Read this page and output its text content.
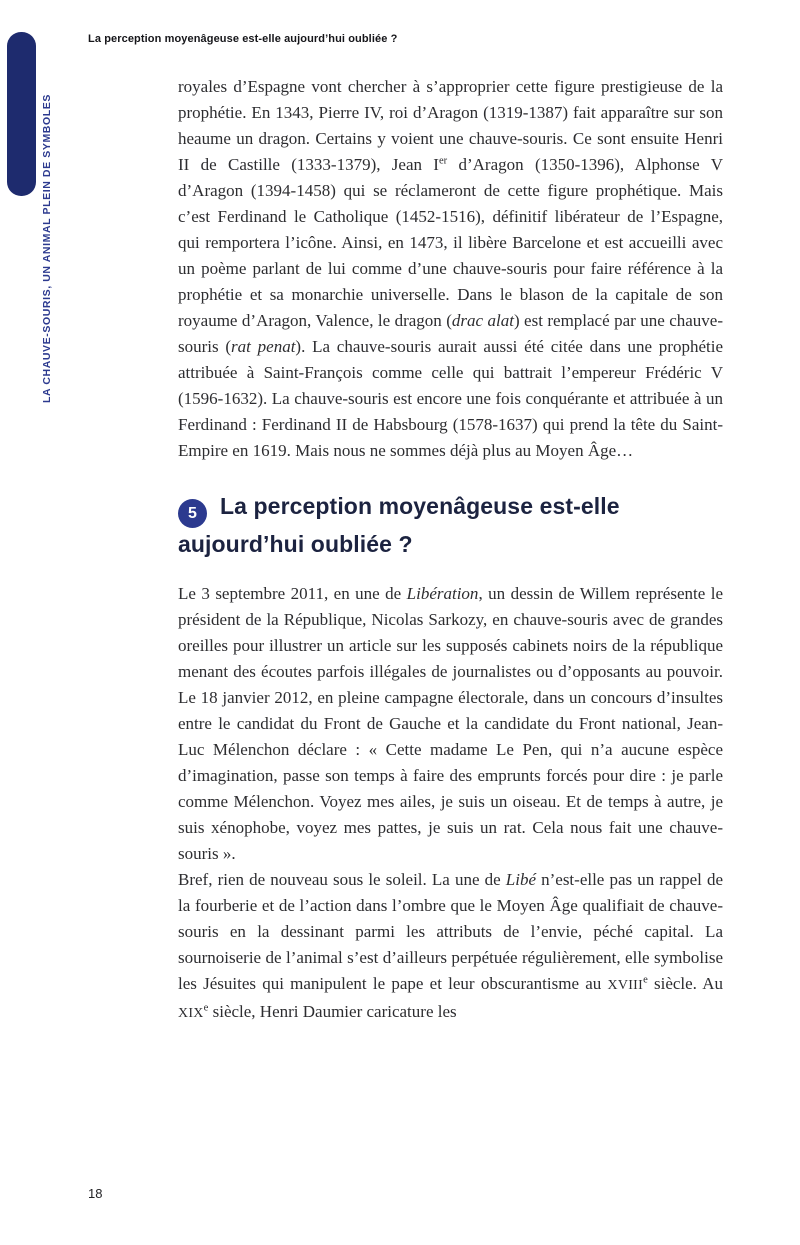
LA CHAUVE-SOURIS, UN ANIMAL PLEIN DE SYMBOLES
La perception moyenâgeuse est-elle aujourd’hui oubliée ?

royales d’Espagne vont chercher à s’approprier cette figure prestigieuse de la prophétie. En 1343, Pierre IV, roi d’Aragon (1319-1387) fait apparaître sur son heaume un dragon. Certains y voient une chauve-souris. Ce sont ensuite Henri II de Castille (1333-1379), Jean Ier d’Aragon (1350-1396), Alphonse V d’Aragon (1394-1458) qui se réclameront de cette figure prophétique. Mais c’est Ferdinand le Catholique (1452-1516), définitif libérateur de l’Espagne, qui remportera l’icône. Ainsi, en 1473, il libère Barcelone et est accueilli avec un poème parlant de lui comme d’une chauve-souris pour faire référence à la prophétie et sa monarchie universelle. Dans le blason de la capitale de son royaume d’Aragon, Valence, le dragon (drac alat) est remplacé par une chauve-souris (rat penat). La chauve-souris aurait aussi été citée dans une prophétie attribuée à Saint-François comme celle qui battrait l’empereur Frédéric V (1596-1632). La chauve-souris est encore une fois conquérante et attribuée à un Ferdinand : Ferdinand II de Habsbourg (1578-1637) qui prend la tête du Saint-Empire en 1619. Mais nous ne sommes déjà plus au Moyen Âge…

5 La perception moyenâgeuse est-elle aujourd’hui oubliée ?

Le 3 septembre 2011, en une de Libération, un dessin de Willem représente le président de la République, Nicolas Sarkozy, en chauve-souris avec de grandes oreilles pour illustrer un article sur les supposés cabinets noirs de la république menant des écoutes parfois illégales de journalistes ou d’opposants au pouvoir. Le 18 janvier 2012, en pleine campagne électorale, dans un concours d’insultes entre le candidat du Front de Gauche et la candidate du Front national, Jean-Luc Mélenchon déclare : « Cette madame Le Pen, qui n’a aucune espèce d’imagination, passe son temps à faire des emprunts forcés pour dire : je parle comme Mélenchon. Voyez mes ailes, je suis un oiseau. Et de temps à autre, je suis xénophobe, voyez mes pattes, je suis un rat. Cela nous fait une chauve-souris ».

Bref, rien de nouveau sous le soleil. La une de Libé n’est-elle pas un rappel de la fourberie et de l’action dans l’ombre que le Moyen Âge qualifiait de chauve-souris en la dessinant parmi les attributs de l’envie, péché capital. La sournoiserie de l’animal s’est d’ailleurs perpétuée régulièrement, elle symbolise les Jésuites qui manipulent le pape et leur obscurantisme au XVIIIe siècle. Au XIXe siècle, Henri Daumier caricature les

18
